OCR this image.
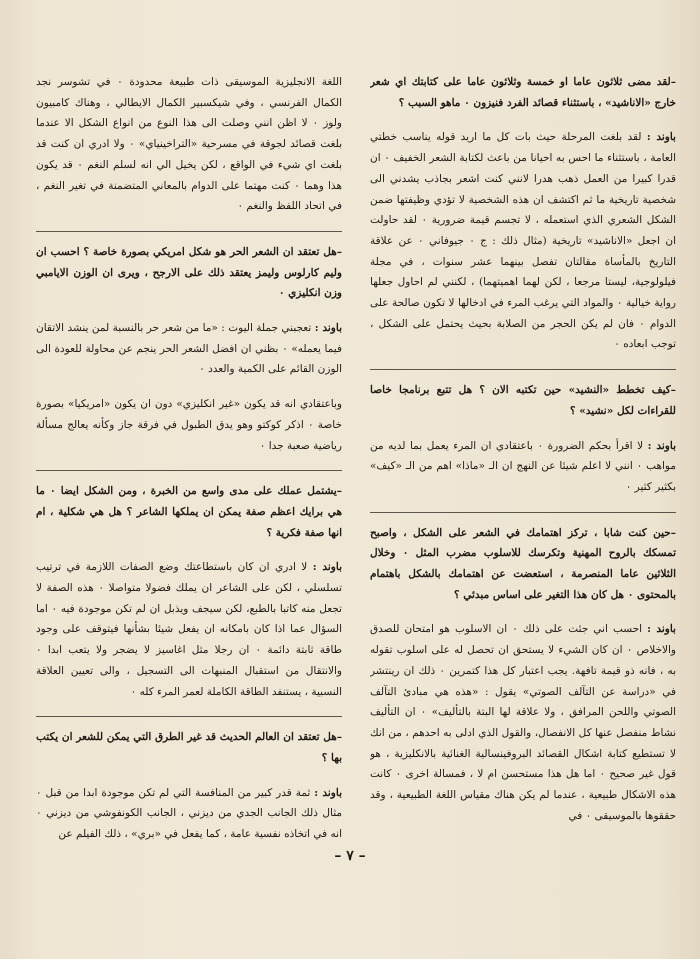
–لقد مضى ثلاثون عاما او خمسة وثلاثون عاما على كتابتك اي شعر خارج «الاناشيد» ، باستثناء قصائد الفرد فنيزون ٠ ماهو السبب ؟
باوند : لقد بلغت المرحلة حيث بات كل ما اريد قوله يناسب خطتي العامة ، باستثناء ما احس به احيانا من باعث لكتابة الشعر الخفيف ٠ ان قدرا كبيرا من العمل ذهب هدرا لانني كنت اشعر بجاذب يشدني الى شخصية تاريخية ما ثم اكتشف ان هذه الشخصية لا تؤدي وظيفتها ضمن الشكل الشعري الذي استعمله ، لا تجسم قيمة ضرورية ٠ لقد حاولت ان اجعل «الاناشيد» تاريخية (مثال ذلك : ج ٠ جيوفاني ٠ عن علاقة التاريخ بالمأساة مقالتان تفصل بينهما عشر سنوات ، في مجلة فيلولوجية، ليستا مرجعا ، لكن لهما اهميتهما) ، لكنني لم احاول جعلها رواية خيالية ٠ والمواد التي يرغب المرء في ادخالها لا تكون صالحة على الدوام ٠ فان لم يكن الحجر من الصلابة بحيث يحتمل على الشكل ، توجب ابعاده ٠
–كيف تخطط «النشيد» حين تكتبه الان ؟ هل تتبع برنامجا خاصا للقراءات لكل «نشيد» ؟
باوند : لا اقرأ بحكم الضرورة ٠ باعتقادي ان المرء يعمل بما لديه من مواهب ٠ انني لا اعلم شيئا عن النهج ان الـ «ماذا» اهم من الـ «كيف» بكثير كثير ٠
–حين كنت شابا ، تركز اهتمامك في الشعر على الشكل ، واصبح تمسكك بالروح المهنية وتكرسك للاسلوب مضرب المثل ٠ وخلال الثلاثين عاما المنصرمة ، استعضت عن اهتمامك بالشكل باهتمام بالمحتوى ٠ هل كان هذا التغير على اساس مبدئي ؟
باوند : احسب اني جئت على ذلك ٠ ان الاسلوب هو امتحان للصدق والاخلاص ٠ ان كان الشيء لا يستحق ان تحصل له على اسلوب تقوله به ، فانه ذو قيمة تافهة. يجب اعتبار كل هذا كتمرين ٠ ذلك ان رينتشر في «دراسة عن التآلف الصوتي» يقول : «هذه هي مبادئ التآلف الصوتي واللحن المرافق ، ولا علاقة لها البتة بالتأليف» ٠ ان التأليف نشاط منفصل عنها كل الانفصال، والقول الذي ادلى به احدهم ، من انك لا تستطيع كتابة اشكال القصائد البروفينسالية الغنائية بالانكليزية ، هو قول غير صحيح ٠ اما هل هذا مستحسن ام لا ، فمسالة اخرى ٠ كانت هذه الاشكال طبيعية ، عندما لم يكن هناك مقياس اللغة الطبيعية ، وقد حققوها بالموسيقى ٠ في
اللغة الانجليزية الموسيقى ذات طبيعة محدودة ٠ في تشوسر نجد الكمال الفرنسي ، وفي شيكسبير الكمال الايطالي ، وهناك كامبيون ولوز ٠ لا اظن انني وصلت الى هذا النوع من انواع الشكل الا عندما بلغت قصائد لجوقة في مسرحية «التراخينياي» ٠ ولا ادري ان كنت قد بلغت اي شيء في الواقع ، لكن يخيل الي انه لسلم النغم ٠ قد يكون هذا وهما ٠ كنت مهتما على الدوام بالمعاني المتضمنة في تغير النغم ، في اتحاد اللفظ والنغم ٠
–هل تعتقد ان الشعر الحر هو شكل امريكي بصورة خاصة ؟ احسب ان وليم كارلوس وليمز يعتقد ذلك على الارجح ، ويرى ان الوزن الايامبي وزن انكليزي ٠
باوند : تعجبني جملة اليوت : «ما من شعر حر بالنسبة لمن ينشد الاتقان فيما يعمله» ٠ بظني ان افضل الشعر الحر ينجم عن محاولة للعودة الى الوزن القائم على الكمية والعدد ٠
وباعتقادي انه قد يكون «غير انكليزي» دون ان يكون «امريكيا» بصورة خاصة ٠ اذكر كوكتو وهو يدق الطبول في فرقة جاز وكأنه يعالج مسألة رياضية صعبة جدا ٠
–يشتمل عملك على مدى واسع من الخبرة ، ومن الشكل ايضا ٠ ما هي برايك اعظم صفة يمكن ان يملكها الشاعر ؟ هل هي شكلية ، ام انها صفة فكرية ؟
باوند : لا ادري ان كان باستطاعتك وضع الصفات اللازمة في ترتيب تسلسلي ، لكن على الشاعر ان يملك فضولا متواصلا ٠ هذه الصفة لا تجعل منه كاتبا بالطبع، لكن سيجف ويذبل ان لم تكن موجودة فيه ٠ اما السؤال عما اذا كان بامكانه ان يفعل شيئا بشأنها فيتوقف على وجود طاقة ثابتة دائمة ٠ ان رجلا مثل اغاسيز لا يضجر ولا يتعب ابدا ٠ والانتقال من استقبال المنبهات الى التسجيل ، والى تعيين العلاقة النسبية ، يستنفد الطاقة الكاملة لعمر المرء كله ٠
–هل تعتقد ان العالم الحديث قد غير الطرق التي يمكن للشعر ان يكتب بها ؟
باوند : ثمة قدر كبير من المنافسة التي لم تكن موجودة ابدا من قبل ٠ مثال ذلك الجانب الجدي من ديزني ، الجانب الكونفوشي من ديزني ٠ انه في اتخاذه نفسية عامة ، كما يفعل في «بري» ، ذلك الفيلم عن
– ٧ –
